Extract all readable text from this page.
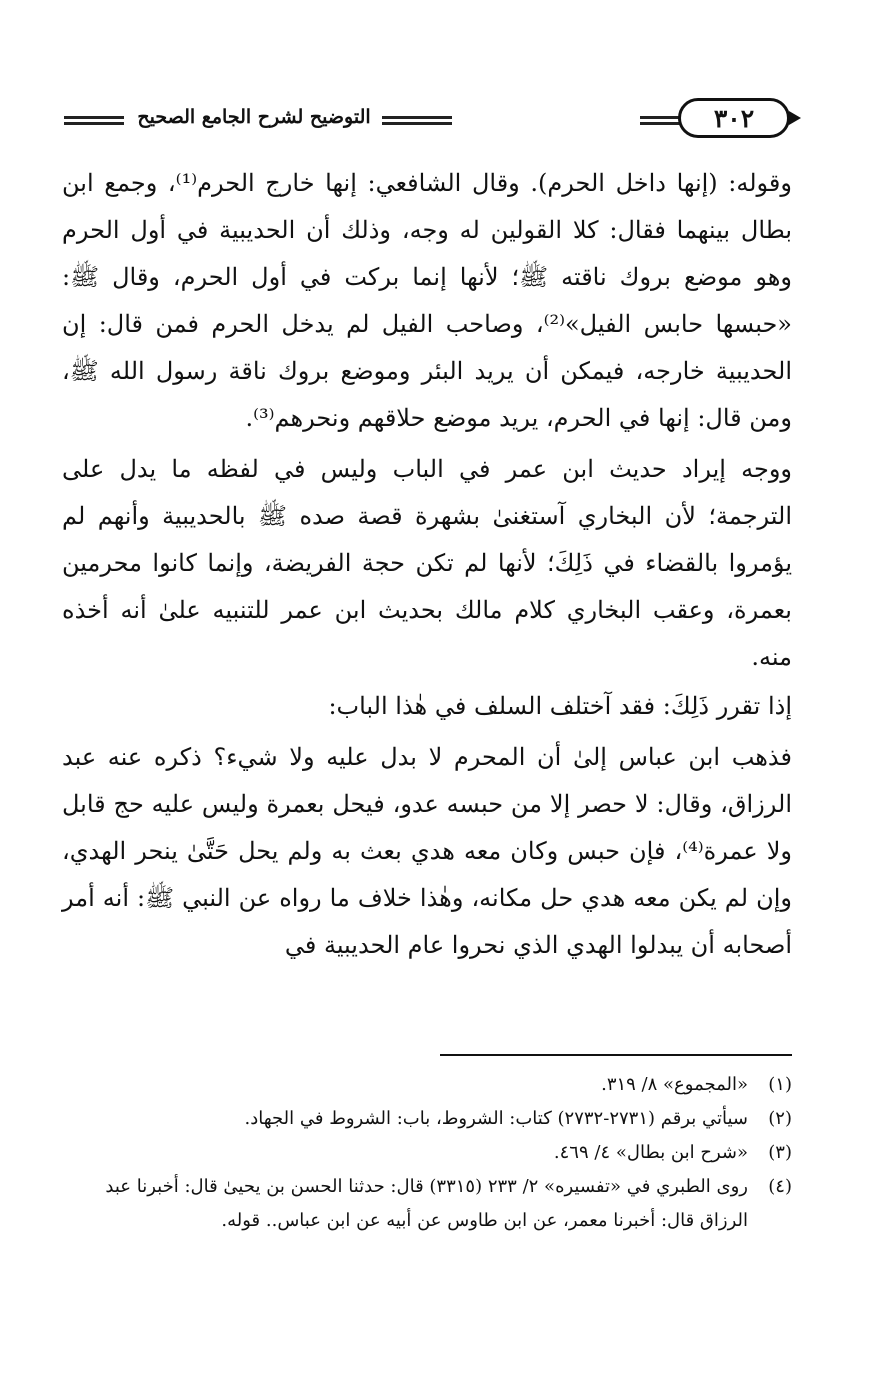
التوضيح لشرح الجامع الصحيح	٣٠٢

وقوله: (إنها داخل الحرم). وقال الشافعي: إنها خارج الحرم⁽¹⁾، وجمع ابن بطال بينهما فقال: كلا القولين له وجه، وذلك أن الحديبية في أول الحرم وهو موضع بروك ناقته ﷺ؛ لأنها إنما بركت في أول الحرم، وقال ﷺ: «حبسها حابس الفيل»⁽²⁾، وصاحب الفيل لم يدخل الحرم فمن قال: إن الحديبية خارجه، فيمكن أن يريد البئر وموضع بروك ناقة رسول الله ﷺ، ومن قال: إنها في الحرم، يريد موضع حلاقهم ونحرهم⁽³⁾.

ووجه إيراد حديث ابن عمر في الباب وليس في لفظه ما يدل على الترجمة؛ لأن البخاري آستغنىٰ بشهرة قصة صده ﷺ بالحديبية وأنهم لم يؤمروا بالقضاء في ذَلِكَ؛ لأنها لم تكن حجة الفريضة، وإنما كانوا محرمين بعمرة، وعقب البخاري كلام مالك بحديث ابن عمر للتنبيه علىٰ أنه أخذه منه.

إذا تقرر ذَلِكَ: فقد آختلف السلف في هٰذا الباب:

فذهب ابن عباس إلىٰ أن المحرم لا بدل عليه ولا شيء؟ ذكره عنه عبد الرزاق، وقال: لا حصر إلا من حبسه عدو، فيحل بعمرة وليس عليه حج قابل ولا عمرة⁽⁴⁾، فإن حبس وكان معه هدي بعث به ولم يحل حَتَّىٰ ينحر الهدي، وإن لم يكن معه هدي حل مكانه، وهٰذا خلاف ما رواه عن النبي ﷺ: أنه أمر أصحابه أن يبدلوا الهدي الذي نحروا عام الحديبية في

(١)
«المجموع» ٨/ ٣١٩.
(٢)
سيأتي برقم (٢٧٣١-٢٧٣٢) كتاب: الشروط، باب: الشروط في الجهاد.
(٣)
«شرح ابن بطال» ٤/ ٤٦٩.
(٤)
روى الطبري في «تفسيره» ٢/ ٢٣٣ (٣٣١٥) قال: حدثنا الحسن بن يحيىٰ قال: أخبرنا عبد الرزاق قال: أخبرنا معمر، عن ابن طاوس عن أبيه عن ابن عباس.. قوله.
